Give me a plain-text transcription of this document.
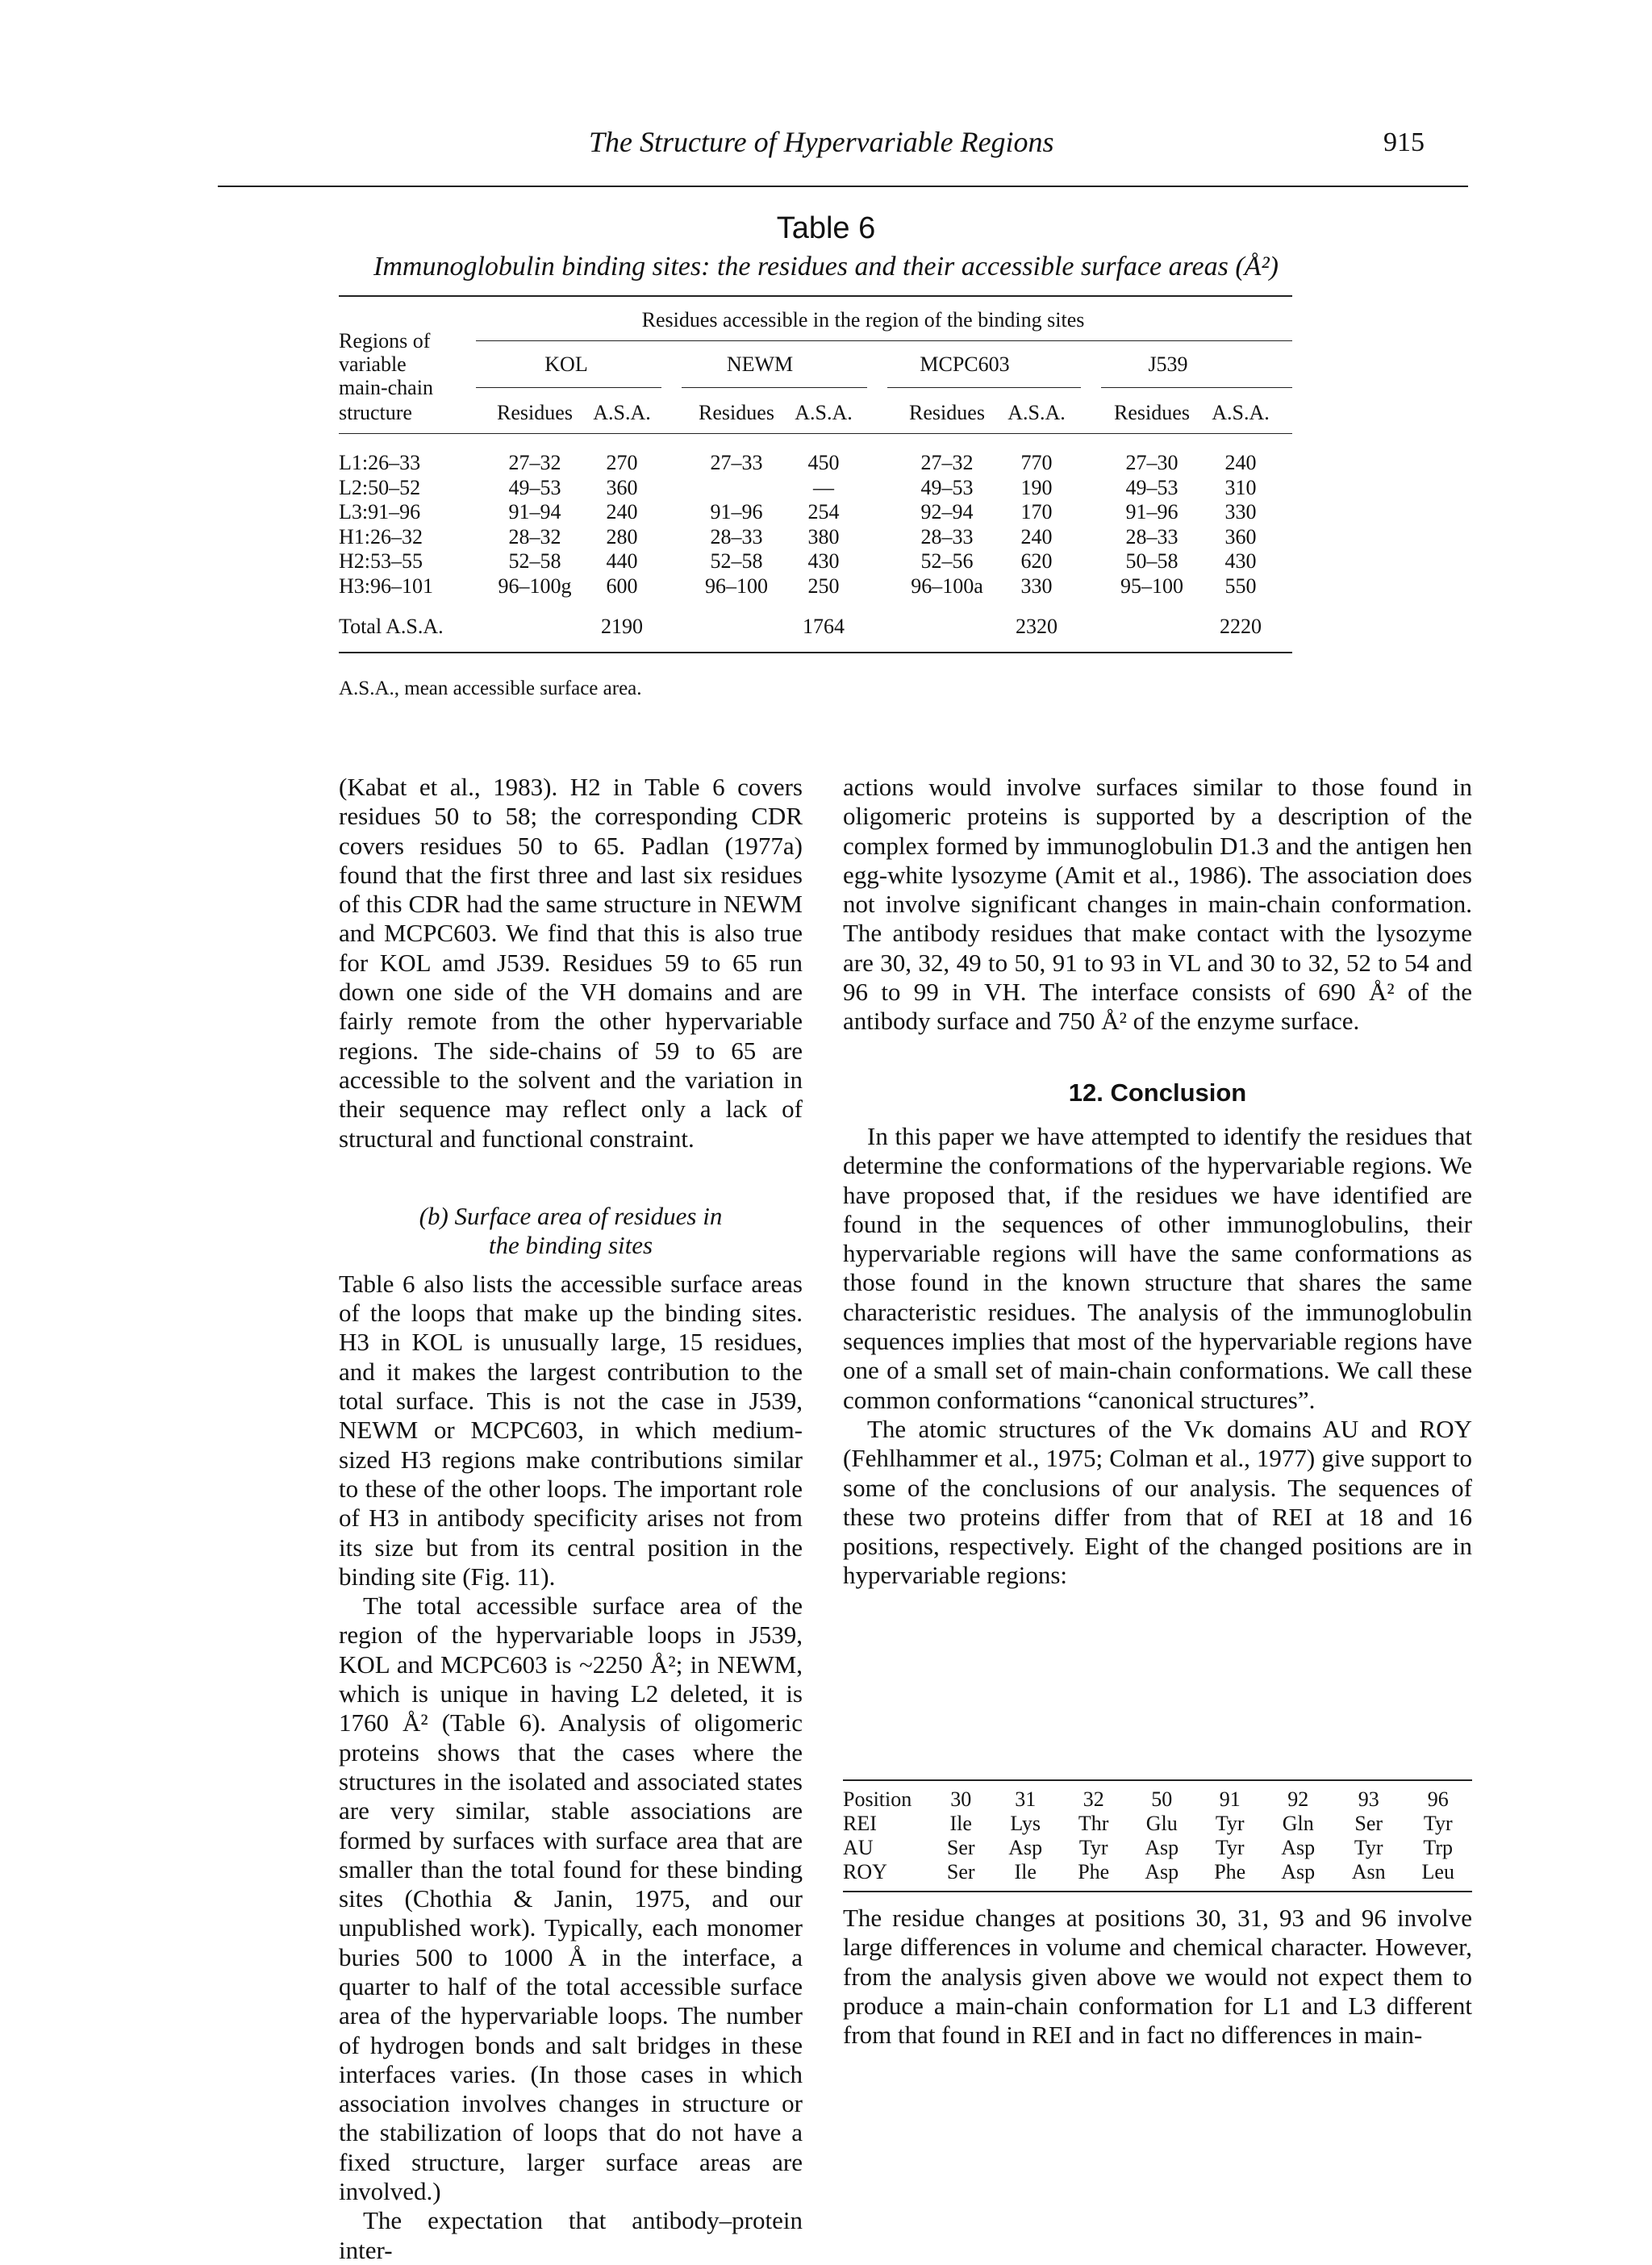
The Structure of Hypervariable Regions	915
Table 6
Immunoglobulin binding sites: the residues and their accessible surface areas (Å²)
Residues accessible in the region of the binding sites
Regions of
variable
main-chain
structure
KOL	NEWM	MCPC603	J539
Residues A.S.A. Residues A.S.A.	Residues A.S.A. Residues A.S.A.
L1:26–33	27–32 270	27–33 450	27–32 770	27–30 240
L2:50–52	49–53 360	—	49–53 190	49–53 310
L3:91–96	91–94 240	91–96 254	92–94 170	91–96 330
H1:26–32	28–32 280	28–33 380	28–33 240	28–33 360
H2:53–55	52–58 440	52–58 430	52–56 620	50–58 430
H3:96–101	96–100g 600	96–100 250	96–100a 330	95–100 550
Total A.S.A.	2190	1764	2320	2220
A.S.A., mean accessible surface area.

(Kabat et al., 1983). H2 in Table 6 covers residues 50 to 58; the corresponding CDR covers residues 50 to 65. Padlan (1977a) found that the first three and last six residues of this CDR had the same structure in NEWM and MCPC603. We find that this is also true for KOL amd J539. Residues 59 to 65 run down one side of the VH domains and are fairly remote from the other hypervariable regions. The side-chains of 59 to 65 are accessible to the solvent and the variation in their sequence may reflect only a lack of structural and functional constraint.

(b) Surface area of residues in
the binding sites

Table 6 also lists the accessible surface areas of the loops that make up the binding sites. H3 in KOL is unusually large, 15 residues, and it makes the largest contribution to the total surface. This is not the case in J539, NEWM or MCPC603, in which medium-sized H3 regions make contributions similar to these of the other loops. The important role of H3 in antibody specificity arises not from its size but from its central position in the binding site (Fig. 11).

The total accessible surface area of the region of the hypervariable loops in J539, KOL and MCPC603 is ~2250 Å²; in NEWM, which is unique in having L2 deleted, it is 1760 Å² (Table 6). Analysis of oligomeric proteins shows that the cases where the structures in the isolated and associated states are very similar, stable associations are formed by surfaces with surface area that are smaller than the total found for these binding sites (Chothia & Janin, 1975, and our unpublished work). Typically, each monomer buries 500 to 1000 Å in the interface, a quarter to half of the total accessible surface area of the hypervariable loops. The number of hydrogen bonds and salt bridges in these interfaces varies. (In those cases in which association involves changes in structure or the stabilization of loops that do not have a fixed structure, larger surface areas are involved.)

The expectation that antibody–protein inter-

actions would involve surfaces similar to those found in oligomeric proteins is supported by a description of the complex formed by immunoglobulin D1.3 and the antigen hen egg-white lysozyme (Amit et al., 1986). The association does not involve significant changes in main-chain conformation. The antibody residues that make contact with the lysozyme are 30, 32, 49 to 50, 91 to 93 in VL and 30 to 32, 52 to 54 and 96 to 99 in VH. The interface consists of 690 Å² of the antibody surface and 750 Å² of the enzyme surface.

12. Conclusion

In this paper we have attempted to identify the residues that determine the conformations of the hypervariable regions. We have proposed that, if the residues we have identified are found in the sequences of other immunoglobulins, their hypervariable regions will have the same conformations as those found in the known structure that shares the same characteristic residues. The analysis of the immunoglobulin sequences implies that most of the hypervariable regions have one of a small set of main-chain conformations. We call these common conformations “canonical structures”.

The atomic structures of the Vκ domains AU and ROY (Fehlhammer et al., 1975; Colman et al., 1977) give support to some of the conclusions of our analysis. The sequences of these two proteins differ from that of REI at 18 and 16 positions, respectively. Eight of the changed positions are in hypervariable regions:

Position	30	31	32	50	91	92	93	96
REI	Ile	Lys	Thr	Glu	Tyr	Gln	Ser	Tyr
AU	Ser	Asp	Tyr	Asp	Tyr	Asp	Tyr	Trp
ROY	Ser	Ile	Phe	Asp	Phe	Asp	Asn	Leu

The residue changes at positions 30, 31, 93 and 96 involve large differences in volume and chemical character. However, from the analysis given above we would not expect them to produce a main-chain conformation for L1 and L3 different from that found in REI and in fact no differences in main-
